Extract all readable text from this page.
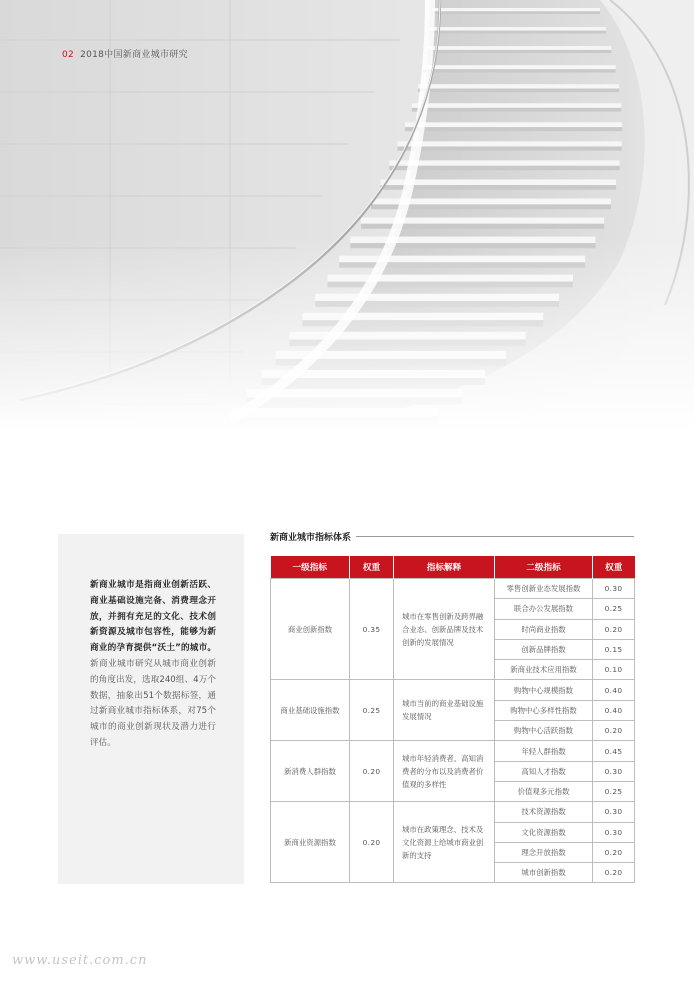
02 2018中国新商业城市研究

新商业城市是指商业创新活跃、商业基础设施完备、消费理念开放，并拥有充足的文化、技术创新资源及城市包容性，能够为新商业的孕育提供“沃土”的城市。新商业城市研究从城市商业创新的角度出发，选取240组、4万个数据，抽象出51个数据标签，通过新商业城市指标体系，对75个城市的商业创新现状及潜力进行评估。

新商业城市指标体系
一级指标	权重	指标解释	二级指标	权重
商业创新指数	0.35	城市在零售创新及跨界融合业态、创新品牌及技术创新的发展情况	零售创新业态发展指数	0.30
			联合办公发展指数	0.25
			时尚商业指数	0.20
			创新品牌指数	0.15
			新商业技术应用指数	0.10
商业基础设施指数	0.25	城市当前的商业基础设施发展情况	购物中心规模指数	0.40
			购物中心多样性指数	0.40
			购物中心活跃指数	0.20
新消费人群指数	0.20	城市年轻消费者、高知消费者的分布以及消费者价值观的多样性	年轻人群指数	0.45
			高知人才指数	0.30
			价值观多元指数	0.25
新商业资源指数	0.20	城市在政策理念、技术及文化资源上给城市商业创新的支持	技术资源指数	0.30
			文化资源指数	0.30
			理念开放指数	0.20
			城市创新指数	0.20
www.useit.com.cn
